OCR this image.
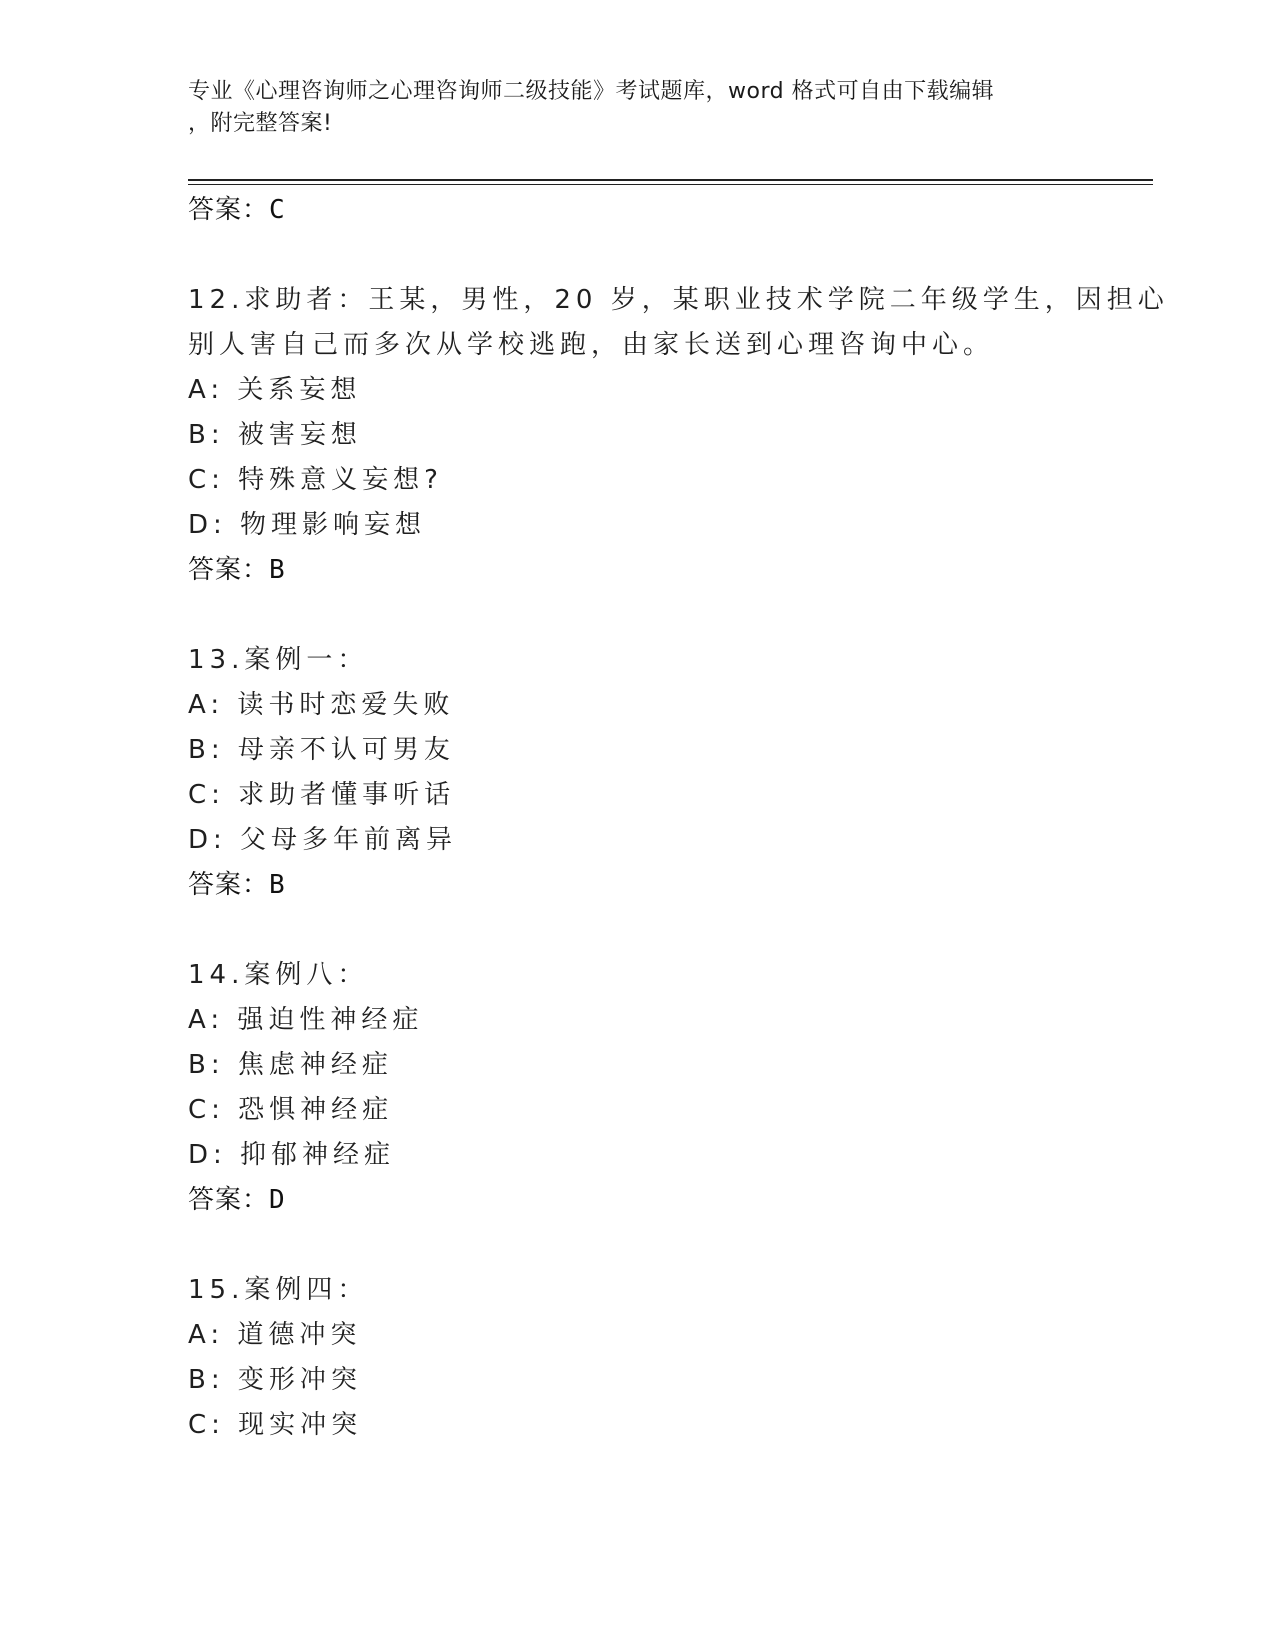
专业《心理咨询师之心理咨询师二级技能》考试题库，word 格式可自由下载编辑
，附完整答案!
答案：C
12.求助者：王某，男性，20 岁，某职业技术学院二年级学生，因担心
别人害自己而多次从学校逃跑，由家长送到心理咨询中心。
A: 关系妄想
B: 被害妄想
C: 特殊意义妄想?
D: 物理影响妄想
答案：B
13.案例一：
A: 读书时恋爱失败
B: 母亲不认可男友
C: 求助者懂事听话
D: 父母多年前离异
答案：B
14.案例八：
A: 强迫性神经症
B: 焦虑神经症
C: 恐惧神经症
D: 抑郁神经症
答案：D
15.案例四：
A: 道德冲突
B: 变形冲突
C: 现实冲突
